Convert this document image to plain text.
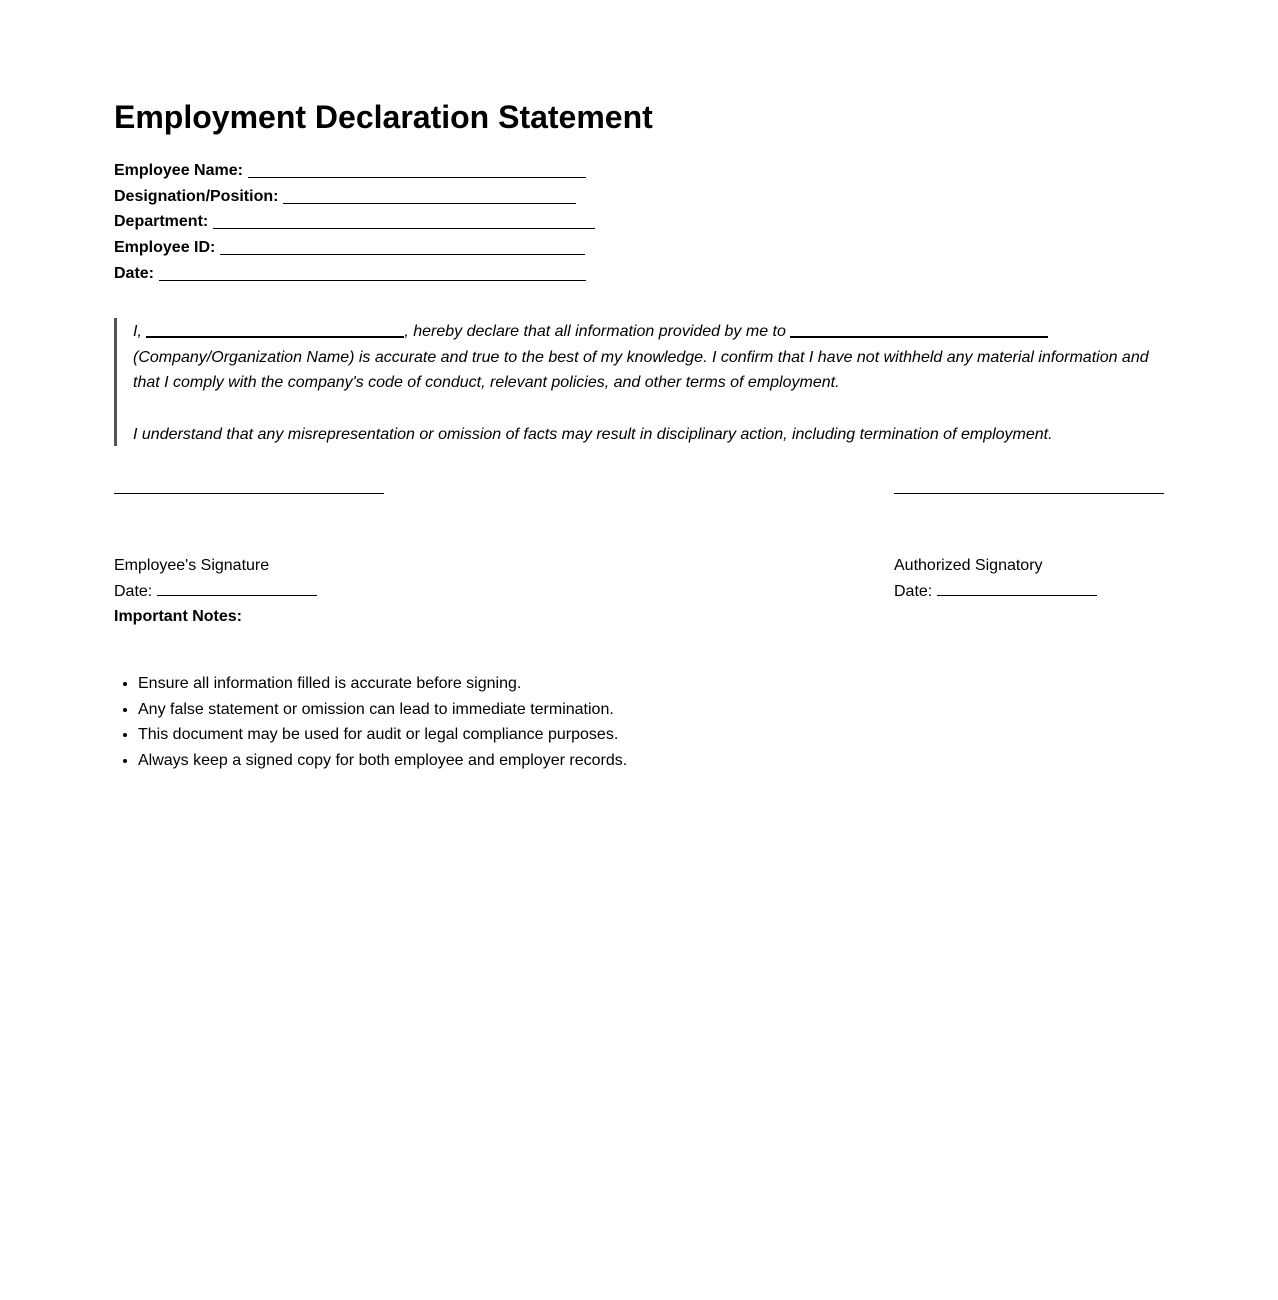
Employment Declaration Statement
Employee Name:
Designation/Position:
Department:
Employee ID:
Date:

I,	, hereby declare that all information provided by me to  (Company/Organization Name) is accurate and true to the best of my knowledge. I confirm that I have not withheld any material information and that I comply with the company's code of conduct, relevant policies, and other terms of employment.

I understand that any misrepresentation or omission of facts may result in disciplinary action, including termination of employment.

Employee's Signature
Date:
Authorized Signatory
Date:
Important Notes:
• Ensure all information filled is accurate before signing.
• Any false statement or omission can lead to immediate termination.
• This document may be used for audit or legal compliance purposes.
• Always keep a signed copy for both employee and employer records.
